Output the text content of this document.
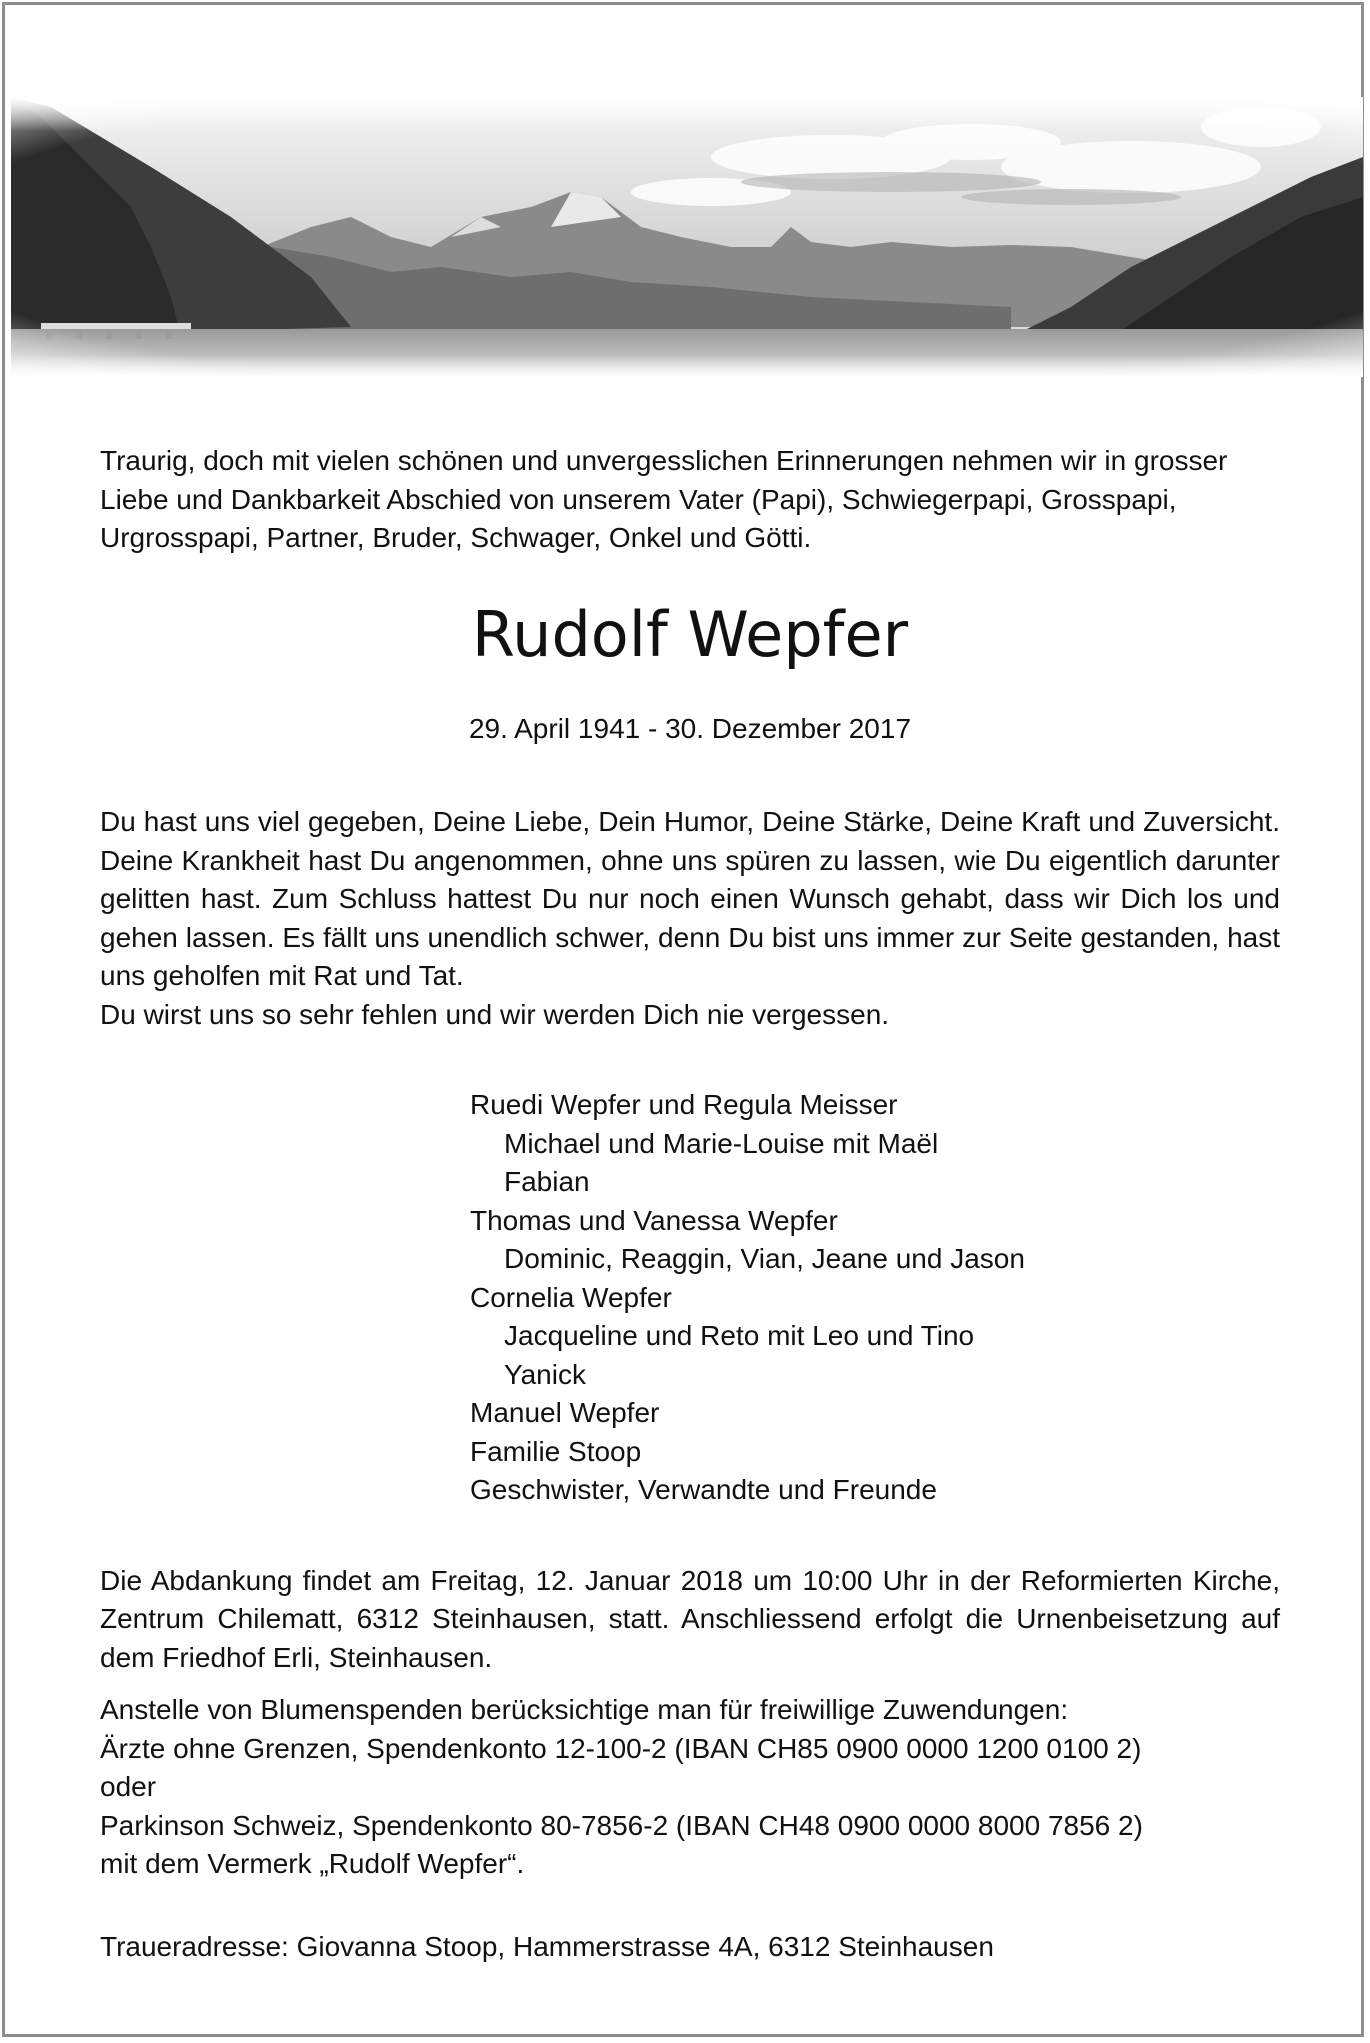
Traurig, doch mit vielen schönen und unvergesslichen Erinnerungen nehmen wir in grosser Liebe und Dankbarkeit Abschied von unserem Vater (Papi), Schwiegerpapi, Grosspapi, Urgrosspapi, Partner, Bruder, Schwager, Onkel und Götti.

Rudolf Wepfer

29. April 1941 - 30. Dezember 2017

Du hast uns viel gegeben, Deine Liebe, Dein Humor, Deine Stärke, Deine Kraft und Zuversicht. Deine Krankheit hast Du angenommen, ohne uns spüren zu lassen, wie Du eigentlich darunter gelitten hast. Zum Schluss hattest Du nur noch einen Wunsch gehabt, dass wir Dich los und gehen lassen. Es fällt uns unendlich schwer, denn Du bist uns immer zur Seite gestanden, hast uns geholfen mit Rat und Tat.

Du wirst uns so sehr fehlen und wir werden Dich nie vergessen.

Ruedi Wepfer und Regula Meisser
Michael und Marie-Louise mit Maël
Fabian
Thomas und Vanessa Wepfer
Dominic, Reaggin, Vian, Jeane und Jason
Cornelia Wepfer
Jacqueline und Reto mit Leo und Tino
Yanick
Manuel Wepfer
Familie Stoop
Geschwister, Verwandte und Freunde

Die Abdankung findet am Freitag, 12. Januar 2018 um 10:00 Uhr in der Reformierten Kirche, Zentrum Chilematt, 6312 Steinhausen, statt. Anschliessend erfolgt die Urnenbeisetzung auf dem Friedhof Erli, Steinhausen.

Anstelle von Blumenspenden berücksichtige man für freiwillige Zuwendungen:
Ärzte ohne Grenzen, Spendenkonto 12-100-2 (IBAN CH85 0900 0000 1200 0100 2)
oder
Parkinson Schweiz, Spendenkonto 80-7856-2 (IBAN CH48 0900 0000 8000 7856 2)
mit dem Vermerk „Rudolf Wepfer“.

Traueradresse: Giovanna Stoop, Hammerstrasse 4A, 6312 Steinhausen
